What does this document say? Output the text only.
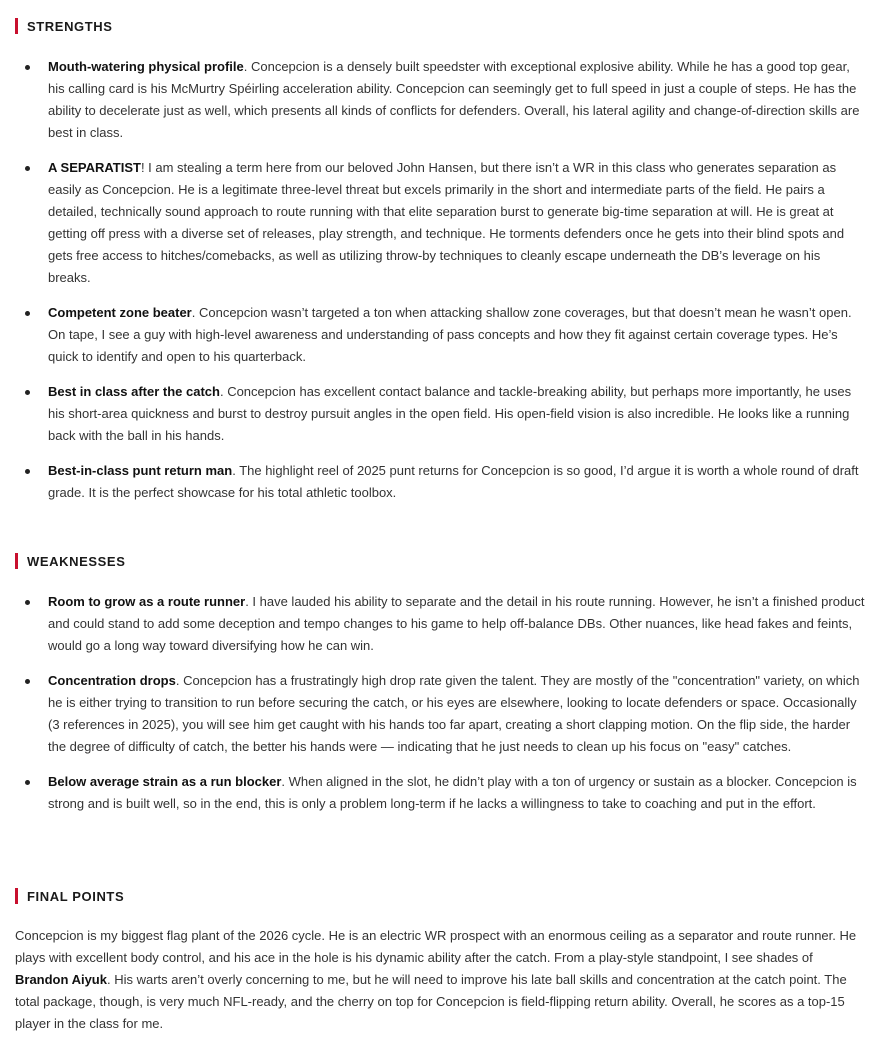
STRENGTHS
Mouth-watering physical profile. Concepcion is a densely built speedster with exceptional explosive ability. While he has a good top gear, his calling card is his McMurtry Spéirling acceleration ability. Concepcion can seemingly get to full speed in just a couple of steps. He has the ability to decelerate just as well, which presents all kinds of conflicts for defenders. Overall, his lateral agility and change-of-direction skills are best in class.
A SEPARATIST! I am stealing a term here from our beloved John Hansen, but there isn’t a WR in this class who generates separation as easily as Concepcion. He is a legitimate three-level threat but excels primarily in the short and intermediate parts of the field. He pairs a detailed, technically sound approach to route running with that elite separation burst to generate big-time separation at will. He is great at getting off press with a diverse set of releases, play strength, and technique. He torments defenders once he gets into their blind spots and gets free access to hitches/comebacks, as well as utilizing throw-by techniques to cleanly escape underneath the DB’s leverage on his breaks.
Competent zone beater. Concepcion wasn’t targeted a ton when attacking shallow zone coverages, but that doesn’t mean he wasn’t open. On tape, I see a guy with high-level awareness and understanding of pass concepts and how they fit against certain coverage types. He’s quick to identify and open to his quarterback.
Best in class after the catch. Concepcion has excellent contact balance and tackle-breaking ability, but perhaps more importantly, he uses his short-area quickness and burst to destroy pursuit angles in the open field. His open-field vision is also incredible. He looks like a running back with the ball in his hands.
Best-in-class punt return man. The highlight reel of 2025 punt returns for Concepcion is so good, I’d argue it is worth a whole round of draft grade. It is the perfect showcase for his total athletic toolbox.
WEAKNESSES
Room to grow as a route runner. I have lauded his ability to separate and the detail in his route running. However, he isn’t a finished product and could stand to add some deception and tempo changes to his game to help off-balance DBs. Other nuances, like head fakes and feints, would go a long way toward diversifying how he can win.
Concentration drops. Concepcion has a frustratingly high drop rate given the talent. They are mostly of the "concentration" variety, on which he is either trying to transition to run before securing the catch, or his eyes are elsewhere, looking to locate defenders or space. Occasionally (3 references in 2025), you will see him get caught with his hands too far apart, creating a short clapping motion. On the flip side, the harder the degree of difficulty of catch, the better his hands were — indicating that he just needs to clean up his focus on "easy" catches.
Below average strain as a run blocker. When aligned in the slot, he didn’t play with a ton of urgency or sustain as a blocker. Concepcion is strong and is built well, so in the end, this is only a problem long-term if he lacks a willingness to take to coaching and put in the effort.
FINAL POINTS

Concepcion is my biggest flag plant of the 2026 cycle. He is an electric WR prospect with an enormous ceiling as a separator and route runner. He plays with excellent body control, and his ace in the hole is his dynamic ability after the catch. From a play-style standpoint, I see shades of Brandon Aiyuk. His warts aren’t overly concerning to me, but he will need to improve his late ball skills and concentration at the catch point. The total package, though, is very much NFL-ready, and the cherry on top for Concepcion is field-flipping return ability. Overall, he scores as a top-15 player in the class for me.
